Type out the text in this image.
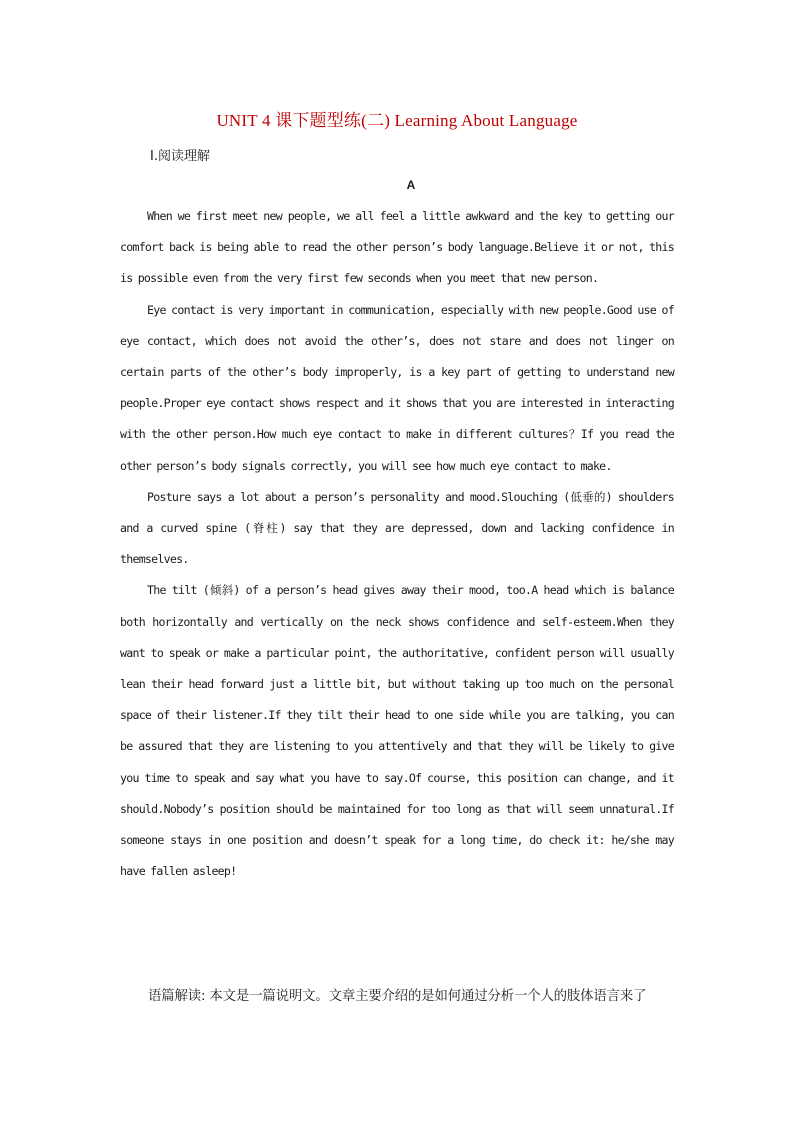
UNIT 4 课下题型练(二) Learning About Language
Ⅰ.阅读理解
A

When we first meet new people, we all feel a little awkward and the key to getting our comfort back is being able to read the other person’s body language.Believe it or not, this is possible even from the very first few seconds when you meet that new person.

Eye contact is very important in communication, especially with new people.Good use of eye contact, which does not avoid the other’s, does not stare and does not linger on certain parts of the other’s body improperly, is a key part of getting to understand new people.Proper eye contact shows respect and it shows that you are interested in interacting with the other person.How much eye contact to make in different cultures？If you read the other person’s body signals correctly, you will see how much eye contact to make.

Posture says a lot about a person’s personality and mood.Slouching (低垂的) shoulders and a curved spine (脊柱) say that they are depressed, down and lacking confidence in themselves.

The tilt (倾斜) of a person’s head gives away their mood, too.A head which is balance both horizontally and vertically on the neck shows confidence and self-esteem.When they want to speak or make a particular point, the authoritative, confident person will usually lean their head forward just a little bit, but without taking up too much on the personal space of their listener.If they tilt their head to one side while you are talking, you can be assured that they are listening to you attentively and that they will be likely to give you time to speak and say what you have to say.Of course, this position can change, and it should.Nobody’s position should be maintained for too long as that will seem unnatural.If someone stays in one position and doesn’t speak for a long time, do check it: he/she may have fallen asleep!

语篇解读: 本文是一篇说明文。文章主要介绍的是如何通过分析一个人的肢体语言来了
